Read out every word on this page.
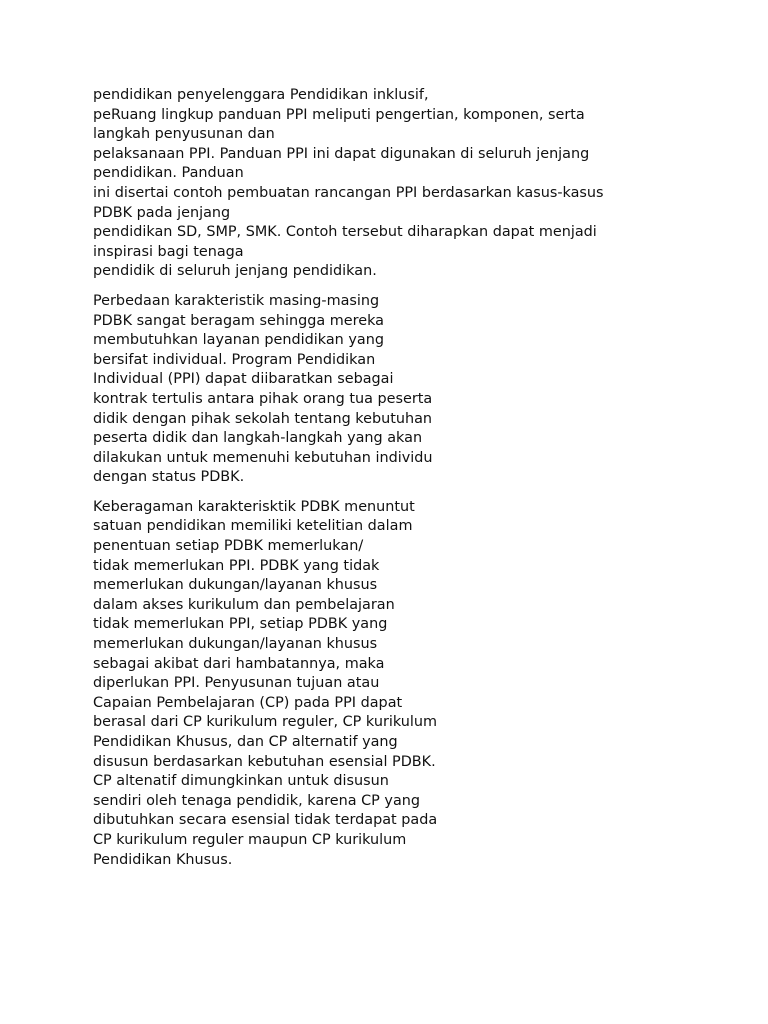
pendidikan penyelenggara Pendidikan inklusif,
peRuang lingkup panduan PPI meliputi pengertian, komponen, serta
langkah penyusunan dan
pelaksanaan PPI. Panduan PPI ini dapat digunakan di seluruh jenjang
pendidikan. Panduan
ini disertai contoh pembuatan rancangan PPI berdasarkan kasus-kasus
PDBK pada jenjang
pendidikan SD, SMP, SMK. Contoh tersebut diharapkan dapat menjadi
inspirasi bagi tenaga
pendidik di seluruh jenjang pendidikan.

Perbedaan karakteristik masing-masing
PDBK sangat beragam sehingga mereka
membutuhkan layanan pendidikan yang
bersifat individual. Program Pendidikan
Individual (PPI) dapat diibaratkan sebagai
kontrak tertulis antara pihak orang tua peserta
didik dengan pihak sekolah tentang kebutuhan
peserta didik dan langkah-langkah yang akan
dilakukan untuk memenuhi kebutuhan individu
dengan status PDBK.

Keberagaman karakterisktik PDBK menuntut
satuan pendidikan memiliki ketelitian dalam
penentuan setiap PDBK memerlukan/
tidak memerlukan PPI. PDBK yang tidak
memerlukan dukungan/layanan khusus
dalam akses kurikulum dan pembelajaran
tidak memerlukan PPI, setiap PDBK yang
memerlukan dukungan/layanan khusus
sebagai akibat dari hambatannya, maka
diperlukan PPI. Penyusunan tujuan atau
Capaian Pembelajaran (CP) pada PPI dapat
berasal dari CP kurikulum reguler, CP kurikulum
Pendidikan Khusus, dan CP alternatif yang
disusun berdasarkan kebutuhan esensial PDBK.
CP altenatif dimungkinkan untuk disusun
sendiri oleh tenaga pendidik, karena CP yang
dibutuhkan secara esensial tidak terdapat pada
CP kurikulum reguler maupun CP kurikulum
Pendidikan Khusus.
